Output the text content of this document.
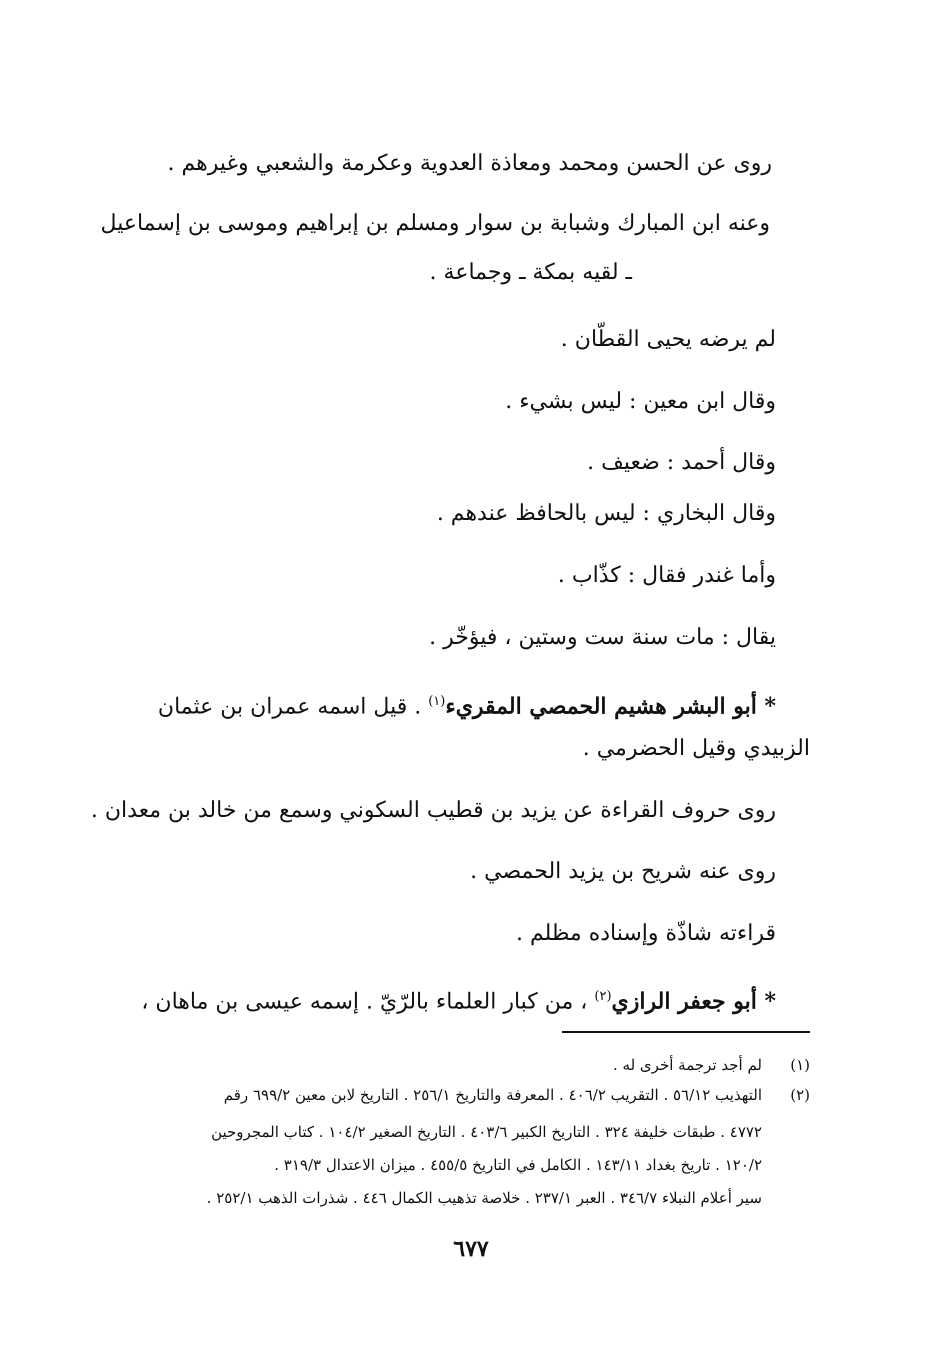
روى عن الحسن ومحمد ومعاذة العدوية وعكرمة والشعبي وغيرهم .
وعنه ابن المبارك وشبابة بن سوار ومسلم بن إبراهيم وموسى بن إسماعيل
ـ لقيه بمكة ـ وجماعة .
لم يرضه يحيى القطّان .
وقال ابن معين : ليس بشيء .
وقال أحمد : ضعيف .
وقال البخاري : ليس بالحافظ عندهم .
وأما غندر فقال : كذّاب .
يقال : مات سنة ست وستين ، فيؤخّر .
* أبو البشر هشيم الحمصي المقريء$^{(١)}$ . قيل اسمه عمران بن عثمان
الزبيدي وقيل الحضرمي .
روى حروف القراءة عن يزيد بن قطيب السكوني وسمع من خالد بن معدان .
روى عنه شريح بن يزيد الحمصي .
قراءته شاذّة وإسناده مظلم .
* أبو جعفر الرازي$^{(٢)}$ ، من كبار العلماء بالرّيّ . إسمه عيسى بن ماهان ،
(١)
لم أجد ترجمة أخرى له .
(٢)
التهذيب ٥٦/١٢ . التقريب ٤٠٦/٢ . المعرفة والتاريخ ٢٥٦/١ . التاريخ لابن معين ٦٩٩/٢ رقم
٤٧٧٢ . طبقات خليفة ٣٢٤ . التاريخ الكبير ٤٠٣/٦ . التاريخ الصغير ١٠٤/٢ . كتاب المجروحين
١٢٠/٢ . تاريخ بغداد ١٤٣/١١ . الكامل في التاريخ ٤٥٥/٥ . ميزان الاعتدال ٣١٩/٣ .
سير أعلام النبلاء ٣٤٦/٧ . العبر ٢٣٧/١ . خلاصة تذهيب الكمال ٤٤٦ . شذرات الذهب ٢٥٢/١ .
٦٧٧
